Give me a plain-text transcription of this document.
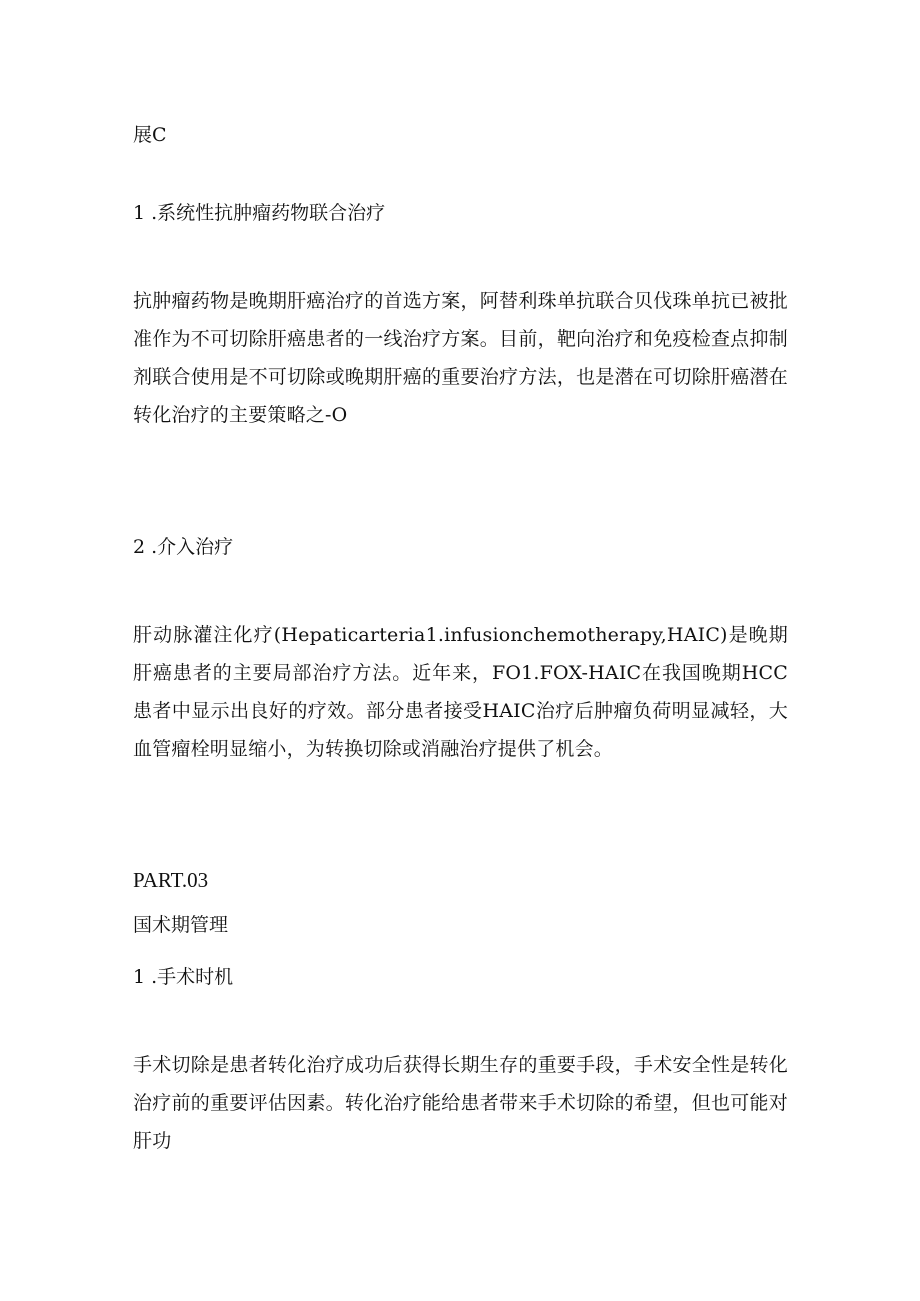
展C
1 .系统性抗肿瘤药物联合治疗
抗肿瘤药物是晚期肝癌治疗的首选方案，阿替利珠单抗联合贝伐珠单抗已被批准作为不可切除肝癌患者的一线治疗方案。目前，靶向治疗和免疫检查点抑制剂联合使用是不可切除或晚期肝癌的重要治疗方法，也是潜在可切除肝癌潜在转化治疗的主要策略之-O
2 .介入治疗
肝动脉灌注化疗(Hepaticarteria1.infusionchemotherapy,HAIC)是晚期肝癌患者的主要局部治疗方法。近年来，FO1.FOX-HAIC在我国晚期HCC患者中显示出良好的疗效。部分患者接受HAIC治疗后肿瘤负荷明显减轻，大血管瘤栓明显缩小，为转换切除或消融治疗提供了机会。
PART.03
国术期管理
1 .手术时机
手术切除是患者转化治疗成功后获得长期生存的重要手段，手术安全性是转化治疗前的重要评估因素。转化治疗能给患者带来手术切除的希望，但也可能对肝功
